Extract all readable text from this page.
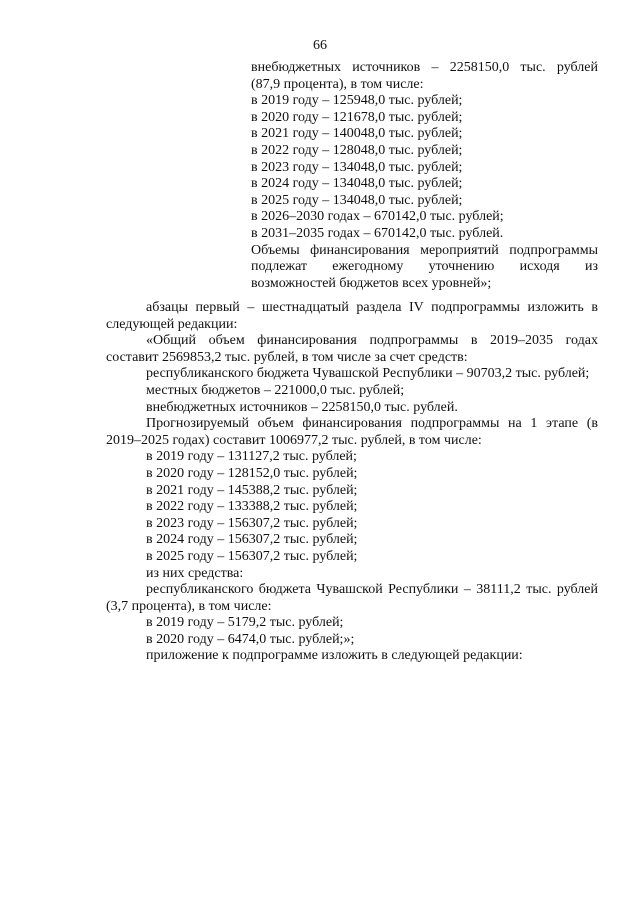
66
внебюджетных источников – 2258150,0 тыс. рублей
(87,9 процента), в том числе:
в 2019 году – 125948,0 тыс. рублей;
в 2020 году – 121678,0 тыс. рублей;
в 2021 году – 140048,0 тыс. рублей;
в 2022 году – 128048,0 тыс. рублей;
в 2023 году – 134048,0 тыс. рублей;
в 2024 году – 134048,0 тыс. рублей;
в 2025 году – 134048,0 тыс. рублей;
в 2026–2030 годах – 670142,0 тыс. рублей;
в 2031–2035 годах – 670142,0 тыс. рублей.
Объемы финансирования мероприятий подпрограммы подлежат ежегодному уточнению исходя из возможностей бюджетов всех уровней»;

абзацы первый – шестнадцатый раздела IV подпрограммы изложить в следующей редакции:

«Общий объем финансирования подпрограммы в 2019–2035 годах составит 2569853,2 тыс. рублей, в том числе за счет средств:

республиканского бюджета Чувашской Республики – 90703,2 тыс. рублей;

местных бюджетов – 221000,0 тыс. рублей;

внебюджетных источников – 2258150,0 тыс. рублей.

Прогнозируемый объем финансирования подпрограммы на 1 этапе (в 2019–2025 годах) составит 1006977,2 тыс. рублей, в том числе:

в 2019 году – 131127,2 тыс. рублей;

в 2020 году – 128152,0 тыс. рублей;

в 2021 году – 145388,2 тыс. рублей;

в 2022 году – 133388,2 тыс. рублей;

в 2023 году – 156307,2 тыс. рублей;

в 2024 году – 156307,2 тыс. рублей;

в 2025 году – 156307,2 тыс. рублей;

из них средства:

республиканского бюджета Чувашской Республики – 38111,2 тыс. рублей (3,7 процента), в том числе:

в 2019 году – 5179,2 тыс. рублей;

в 2020 году – 6474,0 тыс. рублей;»;

приложение к подпрограмме изложить в следующей редакции:
